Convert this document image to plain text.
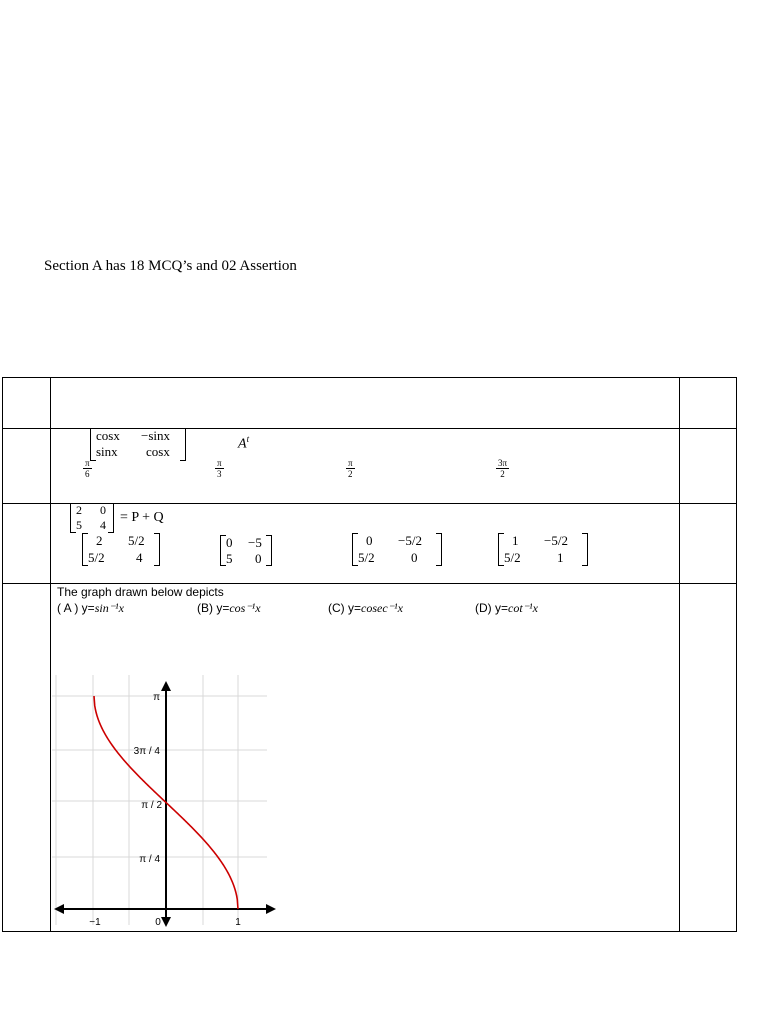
Section A has 18 MCQ’s and 02 Assertion
cosx −sinx
sinx cosx	$A^t$
π
6
π
3
π
2
3π
2
2 0
5 4 = P + Q
2 5/2
5/2 4
0 −5
5 0
0 −5/2
5/2	0
1 −5/2
5/2	1
The graph drawn below depicts
( A ) y=sin⁻¹x	(B) y=cos⁻¹x	(C) y=cosec⁻¹x	(D) y=cot⁻¹x
π
3π / 4
π / 2
π / 4
−1	0	1
